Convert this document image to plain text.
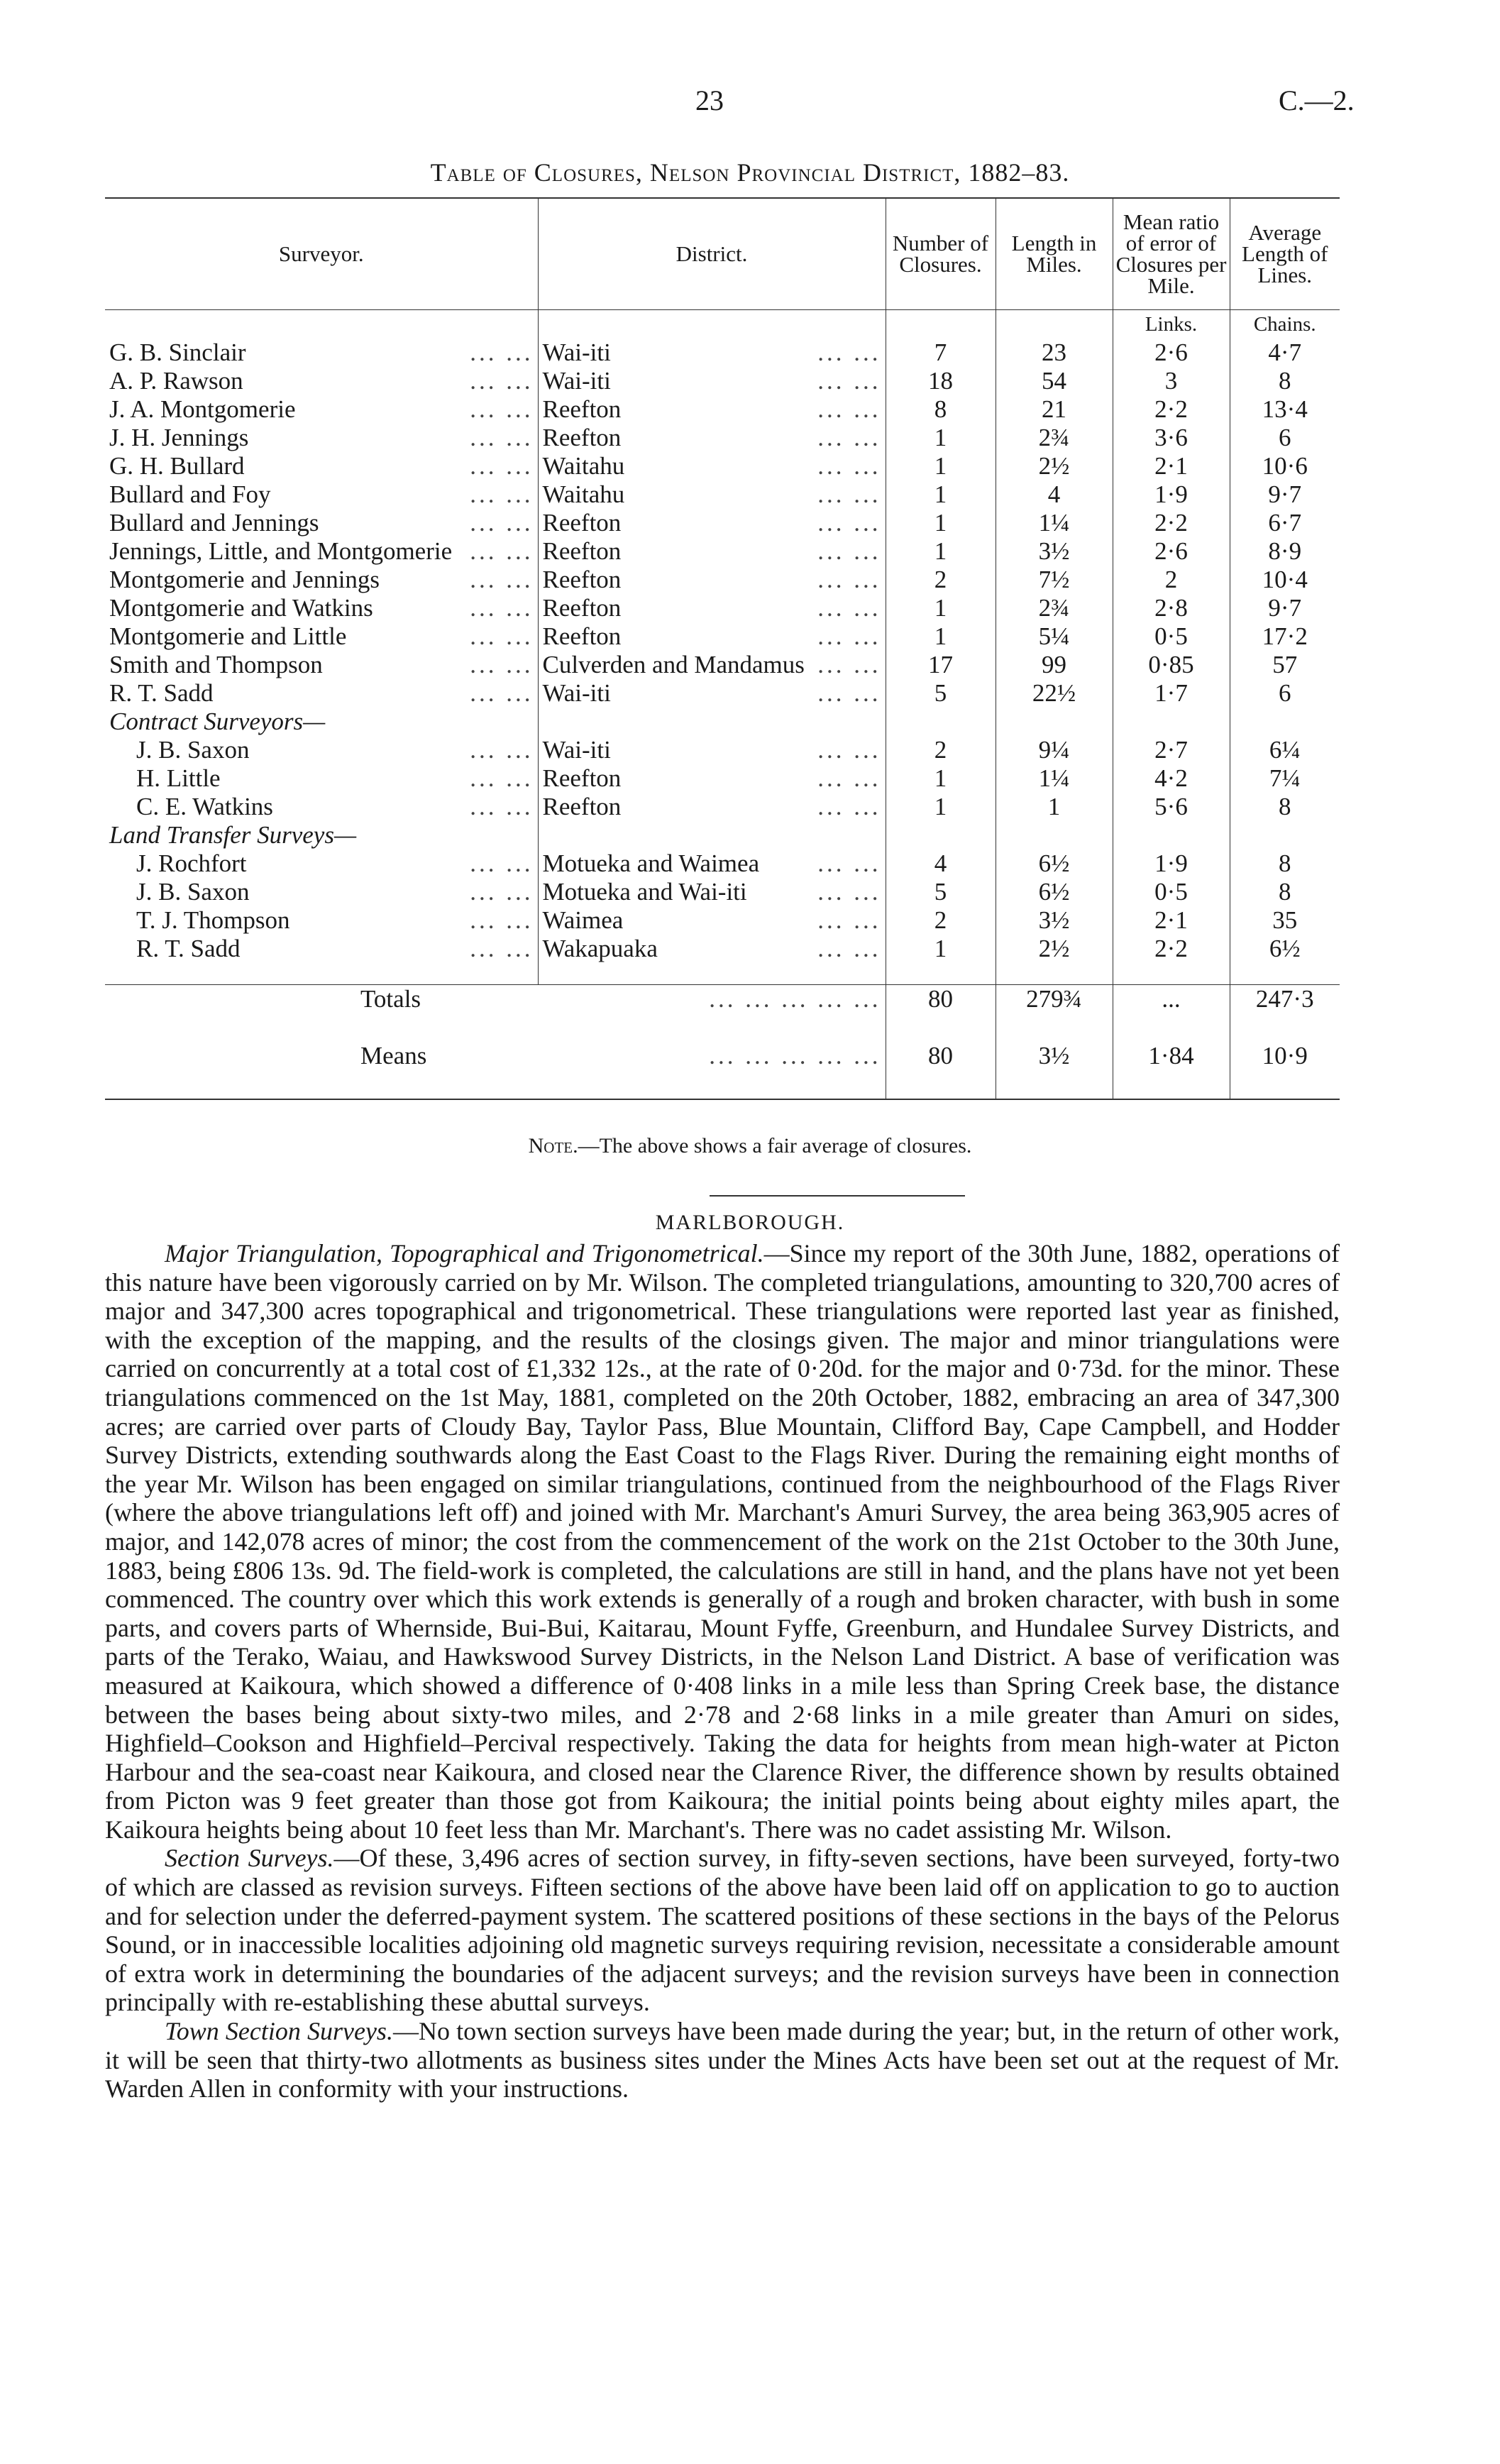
23	C.—2.
Table of Closures, Nelson Provincial District, 1882–83.
Surveyor.	District.	Number of Closures.	Length in Miles.	Mean ratio of error of Closures per Mile.	Average Length of Lines.
				Links.	Chains.
G. B. Sinclair ... ...	Wai-iti ... ...	7	23	2·6	4·7
A. P. Rawson ... ...	Wai-iti ... ...	18	54	3	8
J. A. Montgomerie ... ...	Reefton ... ...	8	21	2·2	13·4
J. H. Jennings ... ...	Reefton ... ...	1	2¾	3·6	6
G. H. Bullard ... ...	Waitahu ... ...	1	2½	2·1	10·6
Bullard and Foy ... ...	Waitahu ... ...	1	4	1·9	9·7
Bullard and Jennings ... ...	Reefton ... ...	1	1¼	2·2	6·7
Jennings, Little, and Montgomerie ... ...	Reefton ... ...	1	3½	2·6	8·9
Montgomerie and Jennings ... ...	Reefton ... ...	2	7½	2	10·4
Montgomerie and Watkins ... ...	Reefton ... ...	1	2¾	2·8	9·7
Montgomerie and Little ... ...	Reefton ... ...	1	5¼	0·5	17·2
Smith and Thompson ... ...	Culverden and Mandamus ... ...	17	99	0·85	57
R. T. Sadd ... ...	Wai-iti ... ...	5	22½	1·7	6
Contract Surveyors—					
J. B. Saxon ... ...	Wai-iti ... ...	2	9¼	2·7	6¼
H. Little ... ...	Reefton ... ...	1	1¼	4·2	7¼
C. E. Watkins ... ...	Reefton ... ...	1	1	5·6	8
Land Transfer Surveys—					
J. Rochfort ... ...	Motueka and Waimea ... ...	4	6½	1·9	8
J. B. Saxon ... ...	Motueka and Wai-iti ... ...	5	6½	0·5	8
T. J. Thompson ... ...	Waimea ... ...	2	3½	2·1	35
R. T. Sadd ... ...	Wakapuaka ... ...	1	2½	2·2	6½

Totals ... ... ... ... ...		80	279¾	...	247·3
Means ... ... ... ... ...		80	3½	1·84	10·9
Note.—The above shows a fair average of closures.
MARLBOROUGH.

Major Triangulation, Topographical and Trigonometrical.—Since my report of the 30th June, 1882, operations of this nature have been vigorously carried on by Mr. Wilson. The completed triangulations, amounting to 320,700 acres of major and 347,300 acres topographical and trigonometrical. These triangulations were reported last year as finished, with the exception of the mapping, and the results of the closings given. The major and minor triangulations were carried on concurrently at a total cost of £1,332 12s., at the rate of 0·20d. for the major and 0·73d. for the minor. These triangulations commenced on the 1st May, 1881, completed on the 20th October, 1882, embracing an area of 347,300 acres; are carried over parts of Cloudy Bay, Taylor Pass, Blue Mountain, Clifford Bay, Cape Campbell, and Hodder Survey Districts, extending southwards along the East Coast to the Flags River. During the remaining eight months of the year Mr. Wilson has been engaged on similar triangulations, continued from the neighbourhood of the Flags River (where the above triangulations left off) and joined with Mr. Marchant's Amuri Survey, the area being 363,905 acres of major, and 142,078 acres of minor; the cost from the commencement of the work on the 21st October to the 30th June, 1883, being £806 13s. 9d. The field-work is completed, the calculations are still in hand, and the plans have not yet been commenced. The country over which this work extends is generally of a rough and broken character, with bush in some parts, and covers parts of Whernside, Bui-Bui, Kaitarau, Mount Fyffe, Greenburn, and Hundalee Survey Districts, and parts of the Terako, Waiau, and Hawkswood Survey Districts, in the Nelson Land District. A base of verification was measured at Kaikoura, which showed a difference of 0·408 links in a mile less than Spring Creek base, the distance between the bases being about sixty-two miles, and 2·78 and 2·68 links in a mile greater than Amuri on sides, Highfield–Cookson and Highfield–Percival respectively. Taking the data for heights from mean high-water at Picton Harbour and the sea-coast near Kaikoura, and closed near the Clarence River, the difference shown by results obtained from Picton was 9 feet greater than those got from Kaikoura; the initial points being about eighty miles apart, the Kaikoura heights being about 10 feet less than Mr. Marchant's. There was no cadet assisting Mr. Wilson.

Section Surveys.—Of these, 3,496 acres of section survey, in fifty-seven sections, have been surveyed, forty-two of which are classed as revision surveys. Fifteen sections of the above have been laid off on application to go to auction and for selection under the deferred-payment system. The scattered positions of these sections in the bays of the Pelorus Sound, or in inaccessible localities adjoining old magnetic surveys requiring revision, necessitate a considerable amount of extra work in determining the boundaries of the adjacent surveys; and the revision surveys have been in connection principally with re-establishing these abuttal surveys.

Town Section Surveys.—No town section surveys have been made during the year; but, in the return of other work, it will be seen that thirty-two allotments as business sites under the Mines Acts have been set out at the request of Mr. Warden Allen in conformity with your instructions.
